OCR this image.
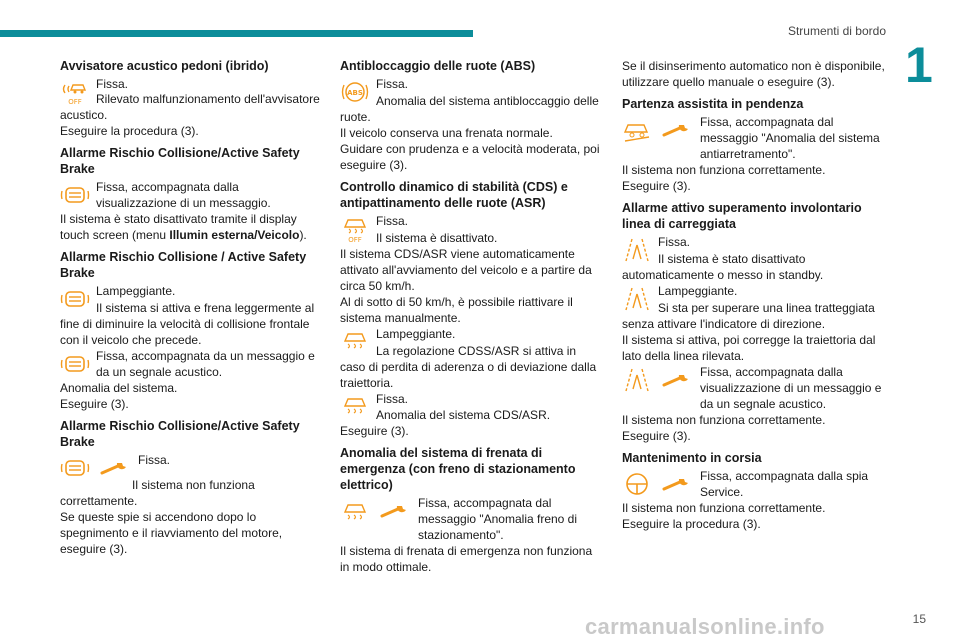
Strumenti di bordo
1
carmanualsonline.info	15
Avvisatore acustico pedoni (ibrido)
OFF

Fissa.

Rilevato malfunzionamento dell'avvisatore acustico.

Eseguire la procedura (3).

Allarme Rischio Collisione/Active Safety Brake

Fissa, accompagnata dalla visualizzazione di un messaggio.

Il sistema è stato disattivato tramite il display touch screen (menu Illumin esterna/Veicolo).

Allarme Rischio Collisione / Active Safety Brake

Lampeggiante.

Il sistema si attiva e frena leggermente al fine di diminuire la velocità di collisione frontale con il veicolo che precede.

Fissa, accompagnata da un messaggio e da un segnale acustico.

Anomalia del sistema.

Eseguire (3).

Allarme Rischio Collisione/Active Safety Brake

Fissa.

Il sistema non funziona correttamente.

Se queste spie si accendono dopo lo spegnimento e il riavviamento del motore, eseguire (3).

Antibloccaggio delle ruote (ABS)
ABS

Fissa.

Anomalia del sistema antibloccaggio delle ruote.

Il veicolo conserva una frenata normale.

Guidare con prudenza e a velocità moderata, poi eseguire (3).

Controllo dinamico di stabilità (CDS) e antipattinamento delle ruote (ASR)
OFF

Fissa.

Il sistema è disattivato.

Il sistema CDS/ASR viene automaticamente attivato all'avviamento del veicolo e a partire da circa 50 km/h.

Al di sotto di 50 km/h, è possibile riattivare il sistema manualmente.

Lampeggiante.

La regolazione CDSS/ASR si attiva in caso di perdita di aderenza o di deviazione dalla traiettoria.

Fissa.

Anomalia del sistema CDS/ASR.

Eseguire (3).

Anomalia del sistema di frenata di emergenza (con freno di stazionamento elettrico)

Fissa, accompagnata dal messaggio "Anomalia freno di stazionamento".

Il sistema di frenata di emergenza non funziona in modo ottimale.

Se il disinserimento automatico non è disponibile, utilizzare quello manuale o eseguire (3).

Partenza assistita in pendenza

Fissa, accompagnata dal messaggio "Anomalia del sistema antiarretramento".

Il sistema non funziona correttamente.

Eseguire (3).

Allarme attivo superamento involontario linea di carreggiata

Fissa.

Il sistema è stato disattivato automaticamente o messo in standby.

Lampeggiante.

Si sta per superare una linea tratteggiata senza attivare l'indicatore di direzione.

Il sistema si attiva, poi corregge la traiettoria dal lato della linea rilevata.

Fissa, accompagnata dalla visualizzazione di un messaggio e da un segnale acustico.

Il sistema non funziona correttamente.

Eseguire (3).

Mantenimento in corsia

Fissa, accompagnata dalla spia Service.

Il sistema non funziona correttamente.

Eseguire la procedura (3).
